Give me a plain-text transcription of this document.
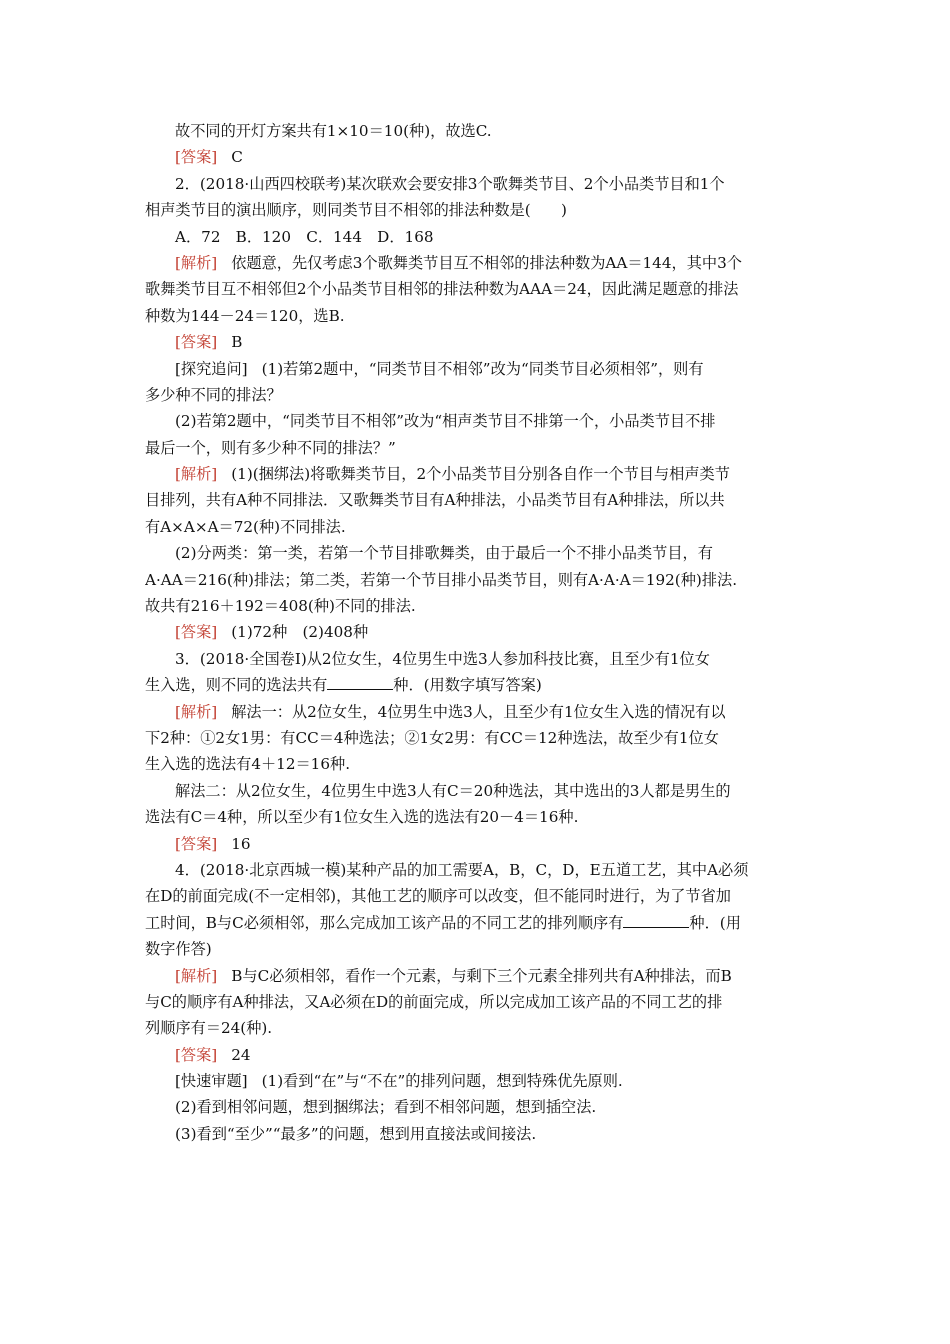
故不同的开灯方案共有1×10＝10(种)，故选C.
[答案] C
2．(2018·山西四校联考)某次联欢会要安排3个歌舞类节目、2个小品类节目和1个
相声类节目的演出顺序，则同类节目不相邻的排法种数是(　　)
A．72　B．120　C．144　D．168
[解析] 依题意，先仅考虑3个歌舞类节目互不相邻的排法种数为AA＝144，其中3个
歌舞类节目互不相邻但2个小品类节目相邻的排法种数为AAA＝24，因此满足题意的排法
种数为144－24＝120，选B.
[答案] B
[探究追问] (1)若第2题中，“同类节目不相邻”改为“同类节目必须相邻”，则有
多少种不同的排法？
(2)若第2题中，“同类节目不相邻”改为“相声类节目不排第一个，小品类节目不排
最后一个，则有多少种不同的排法？”
[解析] (1)(捆绑法)将歌舞类节目，2个小品类节目分别各自作一个节目与相声类节
目排列，共有A种不同排法．又歌舞类节目有A种排法，小品类节目有A种排法，所以共
有A×A×A＝72(种)不同排法.
(2)分两类：第一类，若第一个节目排歌舞类，由于最后一个不排小品类节目，有
A·AA＝216(种)排法；第二类，若第一个节目排小品类节目，则有A·A·A＝192(种)排法.
故共有216＋192＝408(种)不同的排法.
[答案] (1)72种　(2)408种
3．(2018·全国卷Ⅰ)从2位女生，4位男生中选3人参加科技比赛，且至少有1位女
生入选，则不同的选法共有	种．(用数字填写答案)
[解析] 解法一：从2位女生，4位男生中选3人，且至少有1位女生入选的情况有以
下2种：①2女1男：有CC＝4种选法；②1女2男：有CC＝12种选法，故至少有1位女
生入选的选法有4＋12＝16种.
解法二：从2位女生，4位男生中选3人有C＝20种选法，其中选出的3人都是男生的
选法有C＝4种，所以至少有1位女生入选的选法有20－4＝16种.
[答案] 16
4．(2018·北京西城一模)某种产品的加工需要A，B，C，D，E五道工艺，其中A必须
在D的前面完成(不一定相邻)，其他工艺的顺序可以改变，但不能同时进行，为了节省加
工时间，B与C必须相邻，那么完成加工该产品的不同工艺的排列顺序有	种．(用
数字作答)
[解析] B与C必须相邻，看作一个元素，与剩下三个元素全排列共有A种排法，而B
与C的顺序有A种排法，又A必须在D的前面完成，所以完成加工该产品的不同工艺的排
列顺序有＝24(种).
[答案] 24
[快速审题] (1)看到“在”与“不在”的排列问题，想到特殊优先原则.
(2)看到相邻问题，想到捆绑法；看到不相邻问题，想到插空法.
(3)看到“至少”“最多”的问题，想到用直接法或间接法.
